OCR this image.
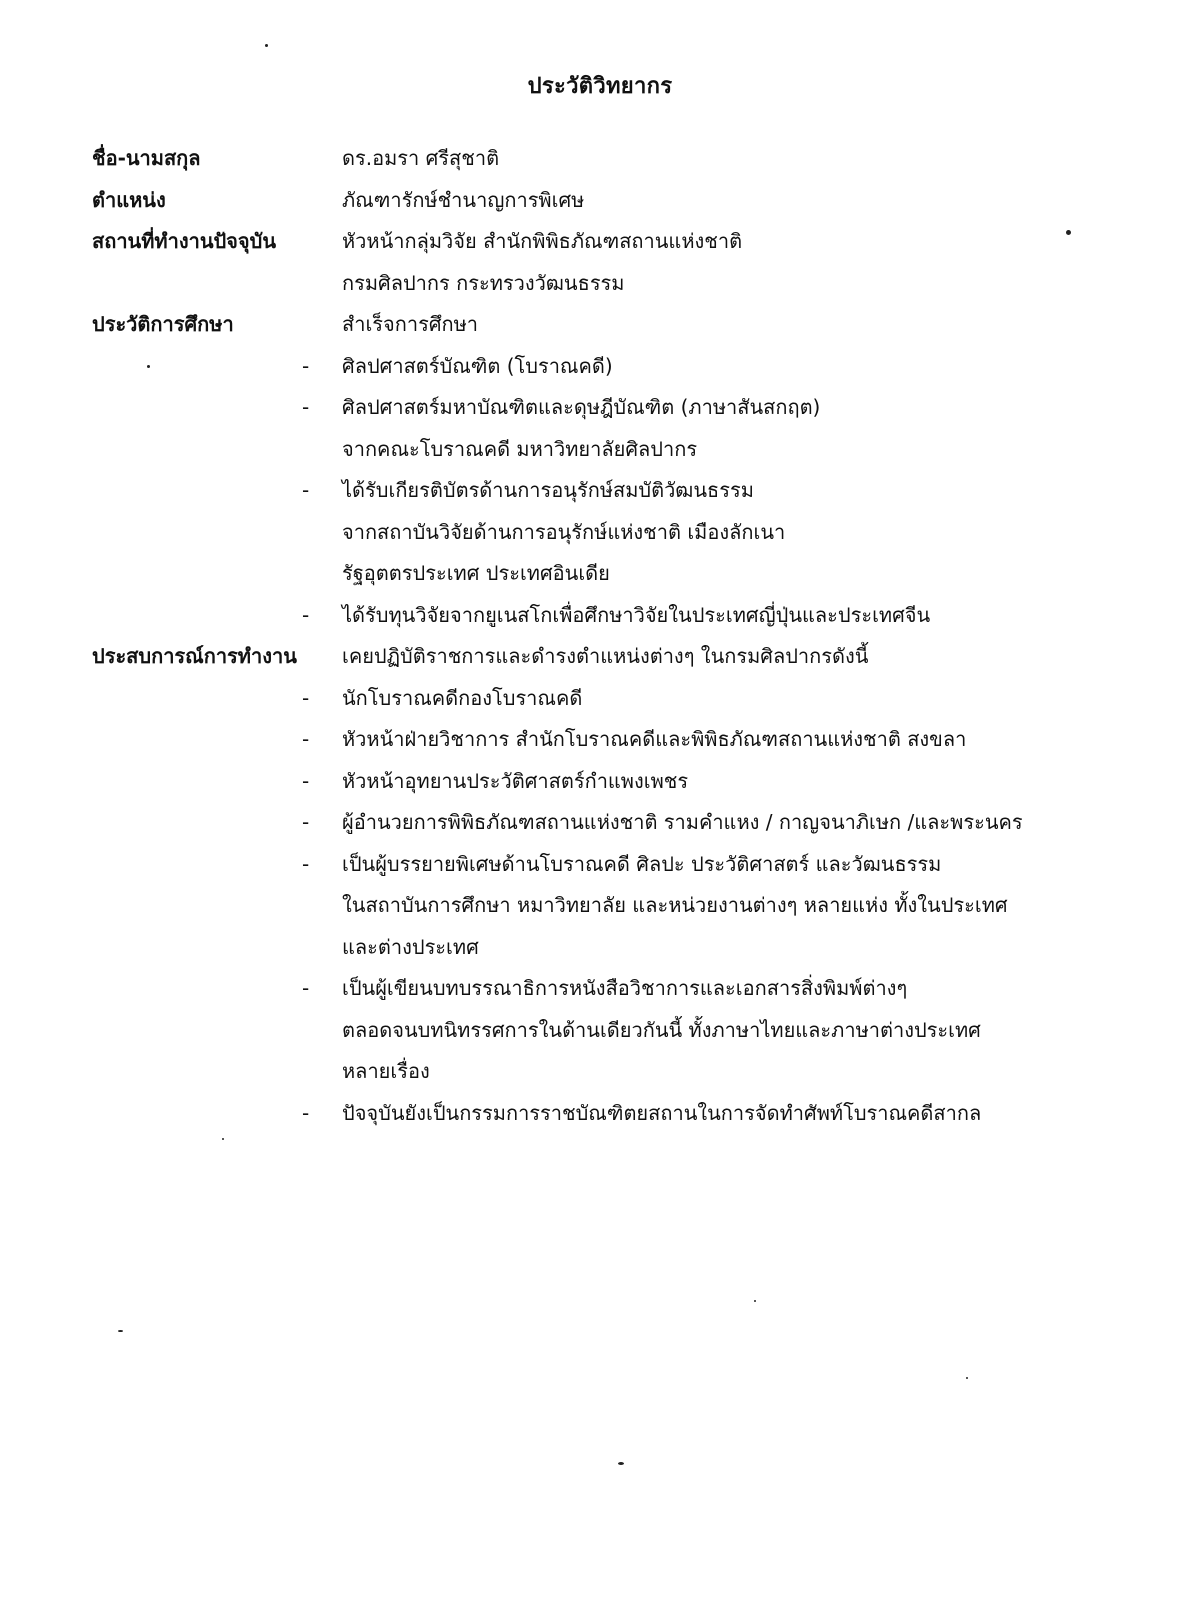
ประวัติวิทยากร
ชื่อ-นามสกุล	ดร.อมรา ศรีสุชาติ
ตำแหน่ง	ภัณฑารักษ์ชำนาญการพิเศษ
สถานที่ทำงานปัจจุบัน	หัวหน้ากลุ่มวิจัย สำนักพิพิธภัณฑสถานแห่งชาติ
กรมศิลปากร กระทรวงวัฒนธรรม
ประวัติการศึกษา	สำเร็จการศึกษา
- ศิลปศาสตร์บัณฑิต (โบราณคดี)
- ศิลปศาสตร์มหาบัณฑิตและดุษฎีบัณฑิต (ภาษาสันสกฤต)
จากคณะโบราณคดี มหาวิทยาลัยศิลปากร
- ได้รับเกียรติบัตรด้านการอนุรักษ์สมบัติวัฒนธรรม
จากสถาบันวิจัยด้านการอนุรักษ์แห่งชาติ เมืองลักเนา
รัฐอุตตรประเทศ ประเทศอินเดีย
- ได้รับทุนวิจัยจากยูเนสโกเพื่อศึกษาวิจัยในประเทศญี่ปุ่นและประเทศจีน
ประสบการณ์การทำงาน เคยปฏิบัติราชการและดำรงตำแหน่งต่างๆ ในกรมศิลปากรดังนี้
- นักโบราณคดีกองโบราณคดี
- หัวหน้าฝ่ายวิชาการ สำนักโบราณคดีและพิพิธภัณฑสถานแห่งชาติ สงขลา
- หัวหน้าอุทยานประวัติศาสตร์กำแพงเพชร
- ผู้อำนวยการพิพิธภัณฑสถานแห่งชาติ รามคำแหง / กาญจนาภิเษก /และพระนคร
- เป็นผู้บรรยายพิเศษด้านโบราณคดี ศิลปะ ประวัติศาสตร์ และวัฒนธรรม
ในสถาบันการศึกษา หมาวิทยาลัย และหน่วยงานต่างๆ หลายแห่ง ทั้งในประเทศ
และต่างประเทศ
- เป็นผู้เขียนบทบรรณาธิการหนังสือวิชาการและเอกสารสิ่งพิมพ์ต่างๆ
ตลอดจนบทนิทรรศการในด้านเดียวกันนี้ ทั้งภาษาไทยและภาษาต่างประเทศ
หลายเรื่อง
- ปัจจุบันยังเป็นกรรมการราชบัณฑิตยสถานในการจัดทำศัพท์โบราณคดีสากล
